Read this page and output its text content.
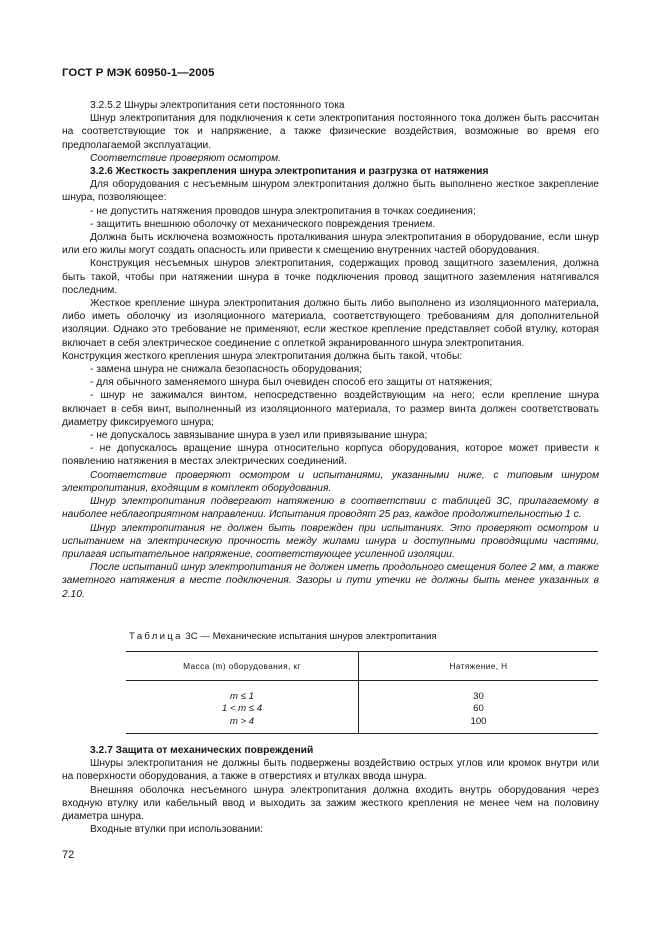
ГОСТ Р МЭК 60950-1—2005

3.2.5.2 Шнуры электропитания сети постоянного тока

Шнур электропитания для подключения к сети электропитания постоянного тока должен быть рассчитан на соответствующие ток и напряжение, а также физические воздействия, возможные во время его предполагаемой эксплуатации.

Соответствие проверяют осмотром.

3.2.6 Жесткость закрепления шнура электропитания и разгрузка от натяжения

Для оборудования с несъемным шнуром электропитания должно быть выполнено жесткое закрепление шнура, позволяющее:

- не допустить натяжения проводов шнура электропитания в точках соединения;

- защитить внешнюю оболочку от механического повреждения трением.

Должна быть исключена возможность проталкивания шнура электропитания в оборудование, если шнур или его жилы могут создать опасность или привести к смещению внутренних частей оборудования.

Конструкция несъемных шнуров электропитания, содержащих провод защитного заземления, должна быть такой, чтобы при натяжении шнура в точке подключения провод защитного заземления натягивался последним.

Жесткое крепление шнура электропитания должно быть либо выполнено из изоляционного материала, либо иметь оболочку из изоляционного материала, соответствующего требованиям для дополнительной изоляции. Однако это требование не применяют, если жесткое крепление представляет собой втулку, которая включает в себя электрическое соединение с оплеткой экранированного шнура электропитания.

Конструкция жесткого крепления шнура электропитания должна быть такой, чтобы:

- замена шнура не снижала безопасность оборудования;

- для обычного заменяемого шнура был очевиден способ его защиты от натяжения;

- шнур не зажимался винтом, непосредственно воздействующим на него; если крепление шнура включает в себя винт, выполненный из изоляционного материала, то размер винта должен соответствовать диаметру фиксируемого шнура;

- не допускалось завязывание шнура в узел или привязывание шнура;

- не допускалось вращение шнура относительно корпуса оборудования, которое может привести к появлению натяжения в местах электрических соединений.

Соответствие проверяют осмотром и испытаниями, указанными ниже, с типовым шнуром электропитания, входящим в комплект оборудования.

Шнур электропитания подвергают натяжению в соответствии с таблицей 3С, прилагаемому в наиболее неблагоприятном направлении. Испытания проводят 25 раз, каждое продолжительностью 1 с.

Шнур электропитания не должен быть поврежден при испытаниях. Это проверяют осмотром и испытанием на электрическую прочность между жилами шнура и доступными проводящими частями, прилагая испытательное напряжение, соответствующее усиленной изоляции.

После испытаний шнур электропитания не должен иметь продольного смещения более 2 мм, а также заметного натяжения в месте подключения. Зазоры и пути утечки не должны быть менее указанных в 2.10.

Таблица 3С — Механические испытания шнуров электропитания
Масса (m) оборудования, кг	Натяжение, Н
m ≤ 1	30
1 < m ≤ 4	60
m > 4	100

3.2.7 Защита от механических повреждений

Шнуры электропитания не должны быть подвержены воздействию острых углов или кромок внутри или на поверхности оборудования, а также в отверстиях и втулках ввода шнура.

Внешняя оболочка несъемного шнура электропитания должна входить внутрь оборудования через входную втулку или кабельный ввод и выходить за зажим жесткого крепления не менее чем на половину диаметра шнура.

Входные втулки при использовании:

72
